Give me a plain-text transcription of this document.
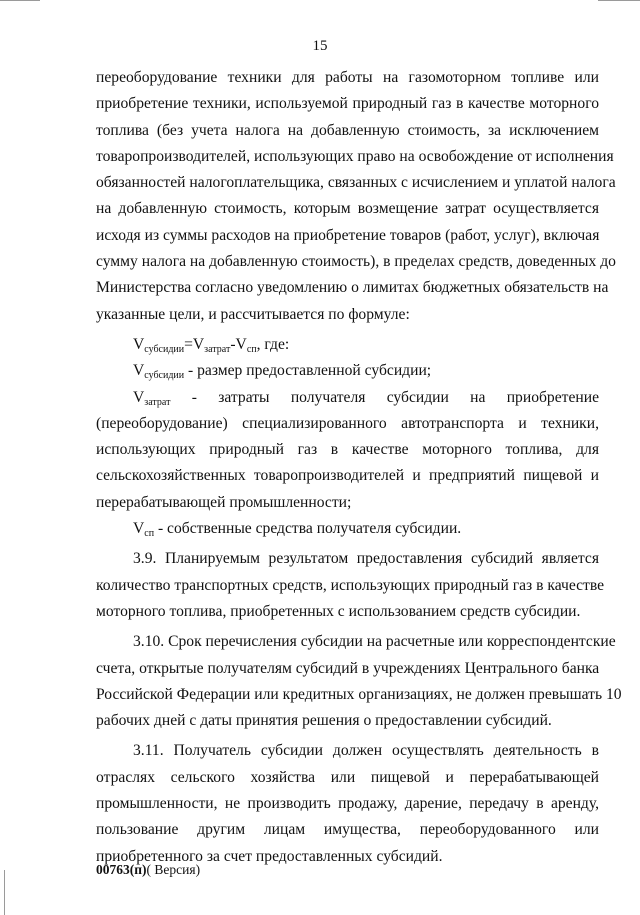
15
переоборудование техники для работы на газомоторном топливе или
приобретение техники, используемой природный газ в качестве моторного
топлива (без учета налога на добавленную стоимость, за исключением
товаропроизводителей, использующих право на освобождение от исполнения
обязанностей налогоплательщика, связанных с исчислением и уплатой налога
на добавленную стоимость, которым возмещение затрат осуществляется
исходя из суммы расходов на приобретение товаров (работ, услуг), включая
сумму налога на добавленную стоимость), в пределах средств, доведенных до
Министерства согласно уведомлению о лимитах бюджетных обязательств на
указанные цели, и рассчитывается по формуле:
$V_{субсидии}=V_{затрат}-V_{сп}$, где:
$V_{субсидии}$ - размер предоставленной субсидии;
$V_{затрат}$ - затраты получателя субсидии на приобретение
(переоборудование) специализированного автотранспорта и техники,
использующих природный газ в качестве моторного топлива, для
сельскохозяйственных товаропроизводителей и предприятий пищевой и
перерабатывающей промышленности;
$V_{сп}$ - собственные средства получателя субсидии.
3.9. Планируемым результатом предоставления субсидий является
количество транспортных средств, использующих природный газ в качестве
моторного топлива, приобретенных с использованием средств субсидии.
3.10. Срок перечисления субсидии на расчетные или корреспондентские
счета, открытые получателям субсидий в учреждениях Центрального банка
Российской Федерации или кредитных организациях, не должен превышать 10
рабочих дней с даты принятия решения о предоставлении субсидий.
3.11. Получатель субсидии должен осуществлять деятельность в
отраслях сельского хозяйства или пищевой и перерабатывающей
промышленности, не производить продажу, дарение, передачу в аренду,
пользование другим лицам имущества, переоборудованного или
приобретенного за счет предоставленных субсидий.
00763(п)( Версия)
